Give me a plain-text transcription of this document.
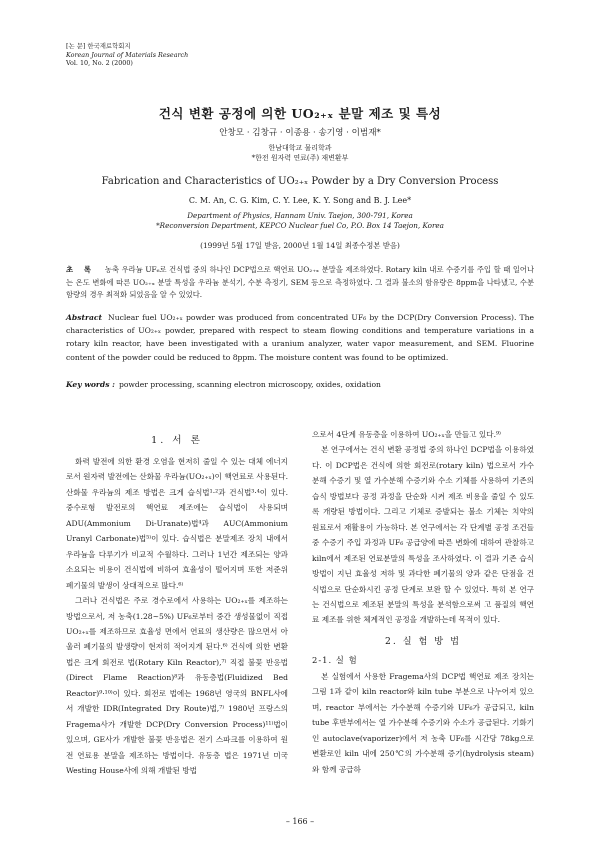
[논 문] 한국재료학회지
Korean Journal of Materials Research
Vol. 10, No. 2 (2000)
건식 변환 공정에 의한 UO₂₊ₓ 분말 제조 및 특성
안창모 · 김창규 · 이종용 · 송기영 · 이범재*
한남대학교 물리학과
*한전 원자력 연료(주) 재변환부
Fabrication and Characteristics of UO₂₊ₓ Powder by a Dry Conversion Process
C. M. An, C. G. Kim, C. Y. Lee, K. Y. Song and B. J. Lee*
Department of Physics, Hannam Univ. Taejon, 300-791, Korea
*Reconversion Department, KEPCO Nuclear fuel Co, P.O. Box 14 Taejon, Korea
(1999년 5월 17일 받음, 2000년 1월 14일 최종수정본 받음)
초 록 농축 우라늄 UF₆로 건식법 중의 하나인 DCP법으로 핵연료 UO₂₊ₓ 분말을 제조하였다. Rotary kiln 내로 수증기를 주입 할 때 일어나는 온도 변화에 따른 UO₂₊ₓ 분말 특성을 우라늄 분석기, 수분 측정기, SEM 등으로 측정하였다. 그 결과 불소의 함유량은 8ppm을 나타냈고, 수분 함량의 경우 최적화 되었음을 알 수 있었다.
Abstract Nuclear fuel UO₂₊ₓ powder was produced from concentrated UF₆ by the DCP(Dry Conversion Process). The characteristics of UO₂₊ₓ powder, prepared with respect to steam flowing conditions and temperature variations in a rotary kiln reactor, have been investigated with a uranium analyzer, water vapor measurement, and SEM. Fluorine content of the powder could be reduced to 8ppm. The moisture content was found to be optimized.
Key words : powder processing, scanning electron microscopy, oxides, oxidation
1. 서 론

화력 발전에 의한 환경 오염을 현저히 줄일 수 있는 대체 에너지로서 원자력 발전에는 산화물 우라늄(UO₂₊ₓ)이 핵연료로 사용된다. 산화물 우라늄의 제조 방법은 크게 습식법¹·²과 건식법³·⁴이 있다. 중수로형 발전로의 핵연료 제조에는 습식법이 사용되며 ADU(Ammonium Di-Uranate)법⁴과 AUC(Ammonium Uranyl Carbonate)법⁵⁾이 있다. 습식법은 분말제조 장치 내에서 우라늄을 다루기가 비교적 수월하다. 그러나 1년간 제조되는 양과 소요되는 비용이 건식법에 비하여 효율성이 떨어지며 또한 저준위 폐기물의 발생이 상대적으로 많다.⁶⁾

그러나 건식법은 주로 경수로에서 사용하는 UO₂₊ₓ를 제조하는 방법으로서, 저 농축(1.28~5%) UF₆로부터 중간 생성물없이 직접 UO₂₊ₓ를 제조하므로 효율성 면에서 연료의 생산량은 많으면서 아울러 폐기물의 발생량이 현저히 적어지게 된다.⁶⁾ 건식에 의한 변환법은 크게 회전로 법(Rotary Kiln Reactor),⁷⁾ 직접 불꽃 반응법(Direct Flame Reaction)⁸과 유동층법(Fluidized Bed Reactor)⁹·¹⁰⁾이 있다. 회전로 법에는 1968년 영국의 BNFL사에서 개발한 IDR(Integrated Dry Route)법,⁷⁾ 1980년 프랑스의 Fragema사가 개발한 DCP(Dry Conversion Process)¹¹⁾법이 있으며, GE사가 개발한 불꽃 반응법은 전기 스파크를 이용하여 원전 연료용 분말을 제조하는 방법이다. 유동층 법은 1971년 미국 Westing House사에 의해 개발된 방법

으로서 4단계 유동층을 이용하여 UO₂₊ₓ을 만들고 있다.⁹⁾

본 연구에서는 건식 변환 공정법 중의 하나인 DCP법을 이용하였다. 이 DCP법은 건식에 의한 회전로(rotary kiln) 법으로서 가수분해 수증기 및 열 가수분해 수증기와 수소 기체를 사용하여 기존의 습식 방법보다 공정 과정을 단순화 시켜 제조 비용을 줄일 수 있도록 개량된 방법이다. 그리고 기체로 증발되는 불소 기체는 치약의 원료로서 재활용이 가능하다. 본 연구에서는 각 단계별 공정 조건들 중 수증기 주입 과정과 UF₆ 공급양에 따른 변화에 대하여 관찰하고 kiln에서 제조된 연료분말의 특성을 조사하였다. 이 결과 기존 습식 방법이 지닌 효율성 저하 및 과다한 폐기물의 양과 같은 단점을 건식법으로 단순화시킨 공정 단계로 보완 할 수 있었다. 특히 본 연구는 건식법으로 제조된 분말의 특성을 분석함으로써 고 품질의 핵연료 제조를 위한 체계적인 공정을 개발하는데 목적이 있다.

2. 실 험 방 법
2-1. 실 험

본 실험에서 사용한 Fragema사의 DCP법 핵연료 제조 장치는 그림 1과 같이 kiln reactor와 kiln tube 부분으로 나누어져 있으며, reactor 부에서는 가수분해 수증기와 UF₆가 공급되고, kiln tube 후반부에서는 열 가수분해 수증기와 수소가 공급된다. 기화기인 autoclave(vaporizer)에서 저 농축 UF₆를 시간당 78kg으로 변환로인 kiln 내에 250℃의 가수분해 증기(hydrolysis steam)와 함께 공급하

– 166 –
